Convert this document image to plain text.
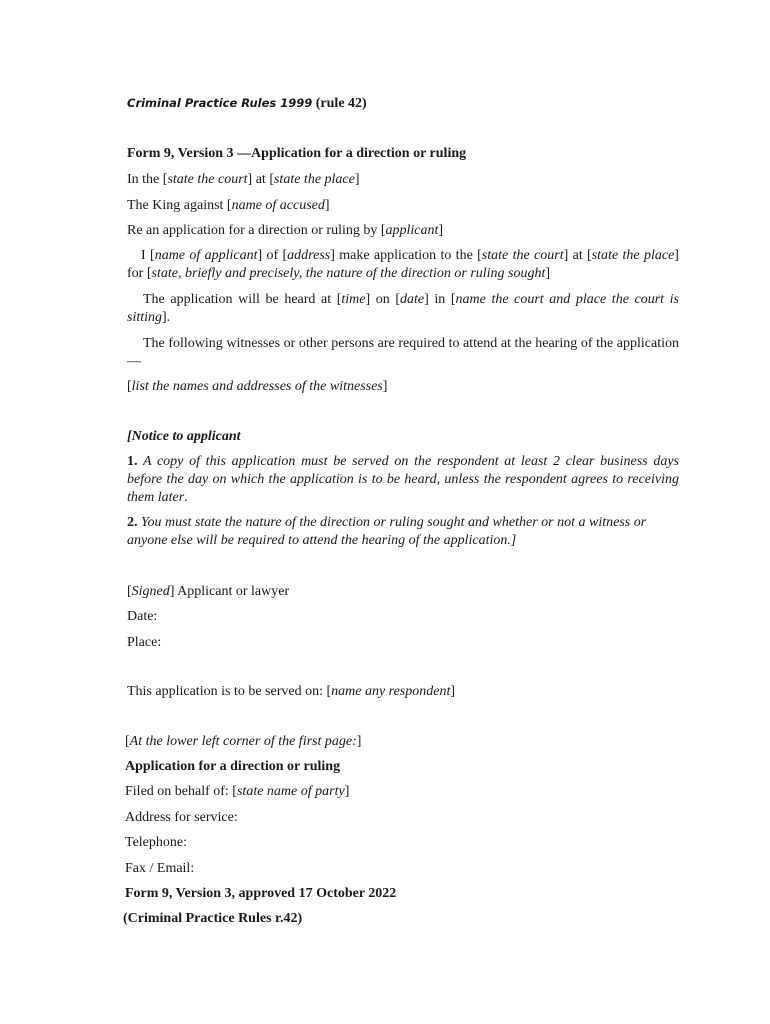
Criminal Practice Rules 1999 (rule 42)
Form 9, Version 3 —Application for a direction or ruling
In the [state the court] at [state the place]
The King against [name of accused]
Re an application for a direction or ruling by [applicant]
I [name of applicant] of [address] make application to the [state the court] at [state the place] for [state, briefly and precisely, the nature of the direction or ruling sought]
The application will be heard at [time] on [date] in [name the court and place the court is sitting].
The following witnesses or other persons are required to attend at the hearing of the application—
[list the names and addresses of the witnesses]
[Notice to applicant
1. A copy of this application must be served on the respondent at least 2 clear business days before the day on which the application is to be heard, unless the respondent agrees to receiving them later.
2. You must state the nature of the direction or ruling sought and whether or not a witness or anyone else will be required to attend the hearing of the application.]
[Signed] Applicant or lawyer
Date:
Place:
This application is to be served on: [name any respondent]
[At the lower left corner of the first page:]
Application for a direction or ruling
Filed on behalf of: [state name of party]
Address for service:
Telephone:
Fax / Email:
Form 9, Version 3, approved 17 October 2022
(Criminal Practice Rules r.42)
